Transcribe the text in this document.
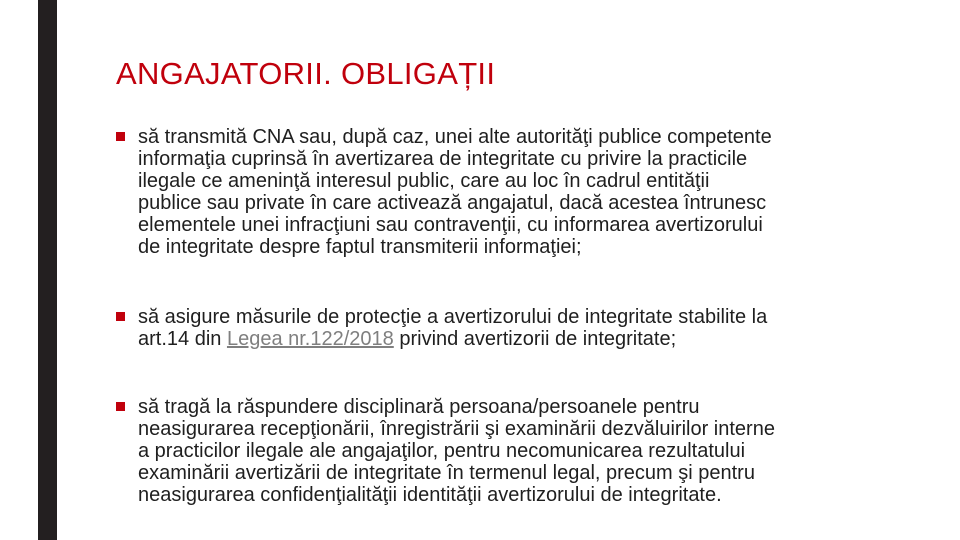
ANGAJATORII. OBLIGAȚII

să transmită CNA sau, după caz, unei alte autorităţi publice competente
informaţia cuprinsă în avertizarea de integritate cu privire la practicile
ilegale ce ameninţă interesul public, care au loc în cadrul entităţii
publice sau private în care activează angajatul, dacă acestea întrunesc
elementele unei infracţiuni sau contravenţii, cu informarea avertizorului
de integritate despre faptul transmiterii informaţiei;

să asigure măsurile de protecţie a avertizorului de integritate stabilite la
art.14 din Legea nr.122/2018 privind avertizorii de integritate;

să tragă la răspundere disciplinară persoana/persoanele pentru
neasigurarea recepţionării, înregistrării şi examinării dezvăluirilor interne
a practicilor ilegale ale angajaţilor, pentru necomunicarea rezultatului
examinării avertizării de integritate în termenul legal, precum şi pentru
neasigurarea confidenţialităţii identităţii avertizorului de integritate.
